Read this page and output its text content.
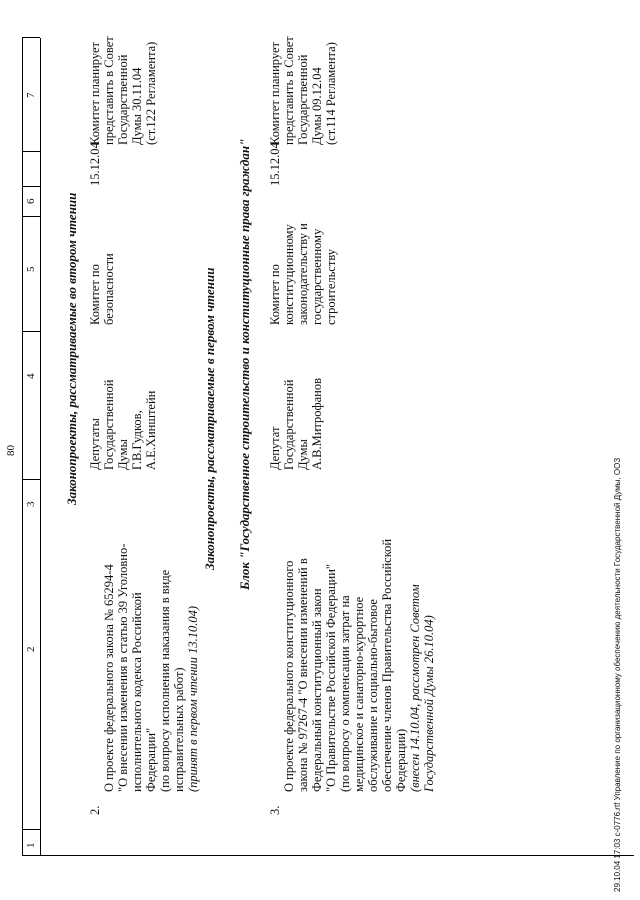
80
1
2
3
4
5
6
7
Законопроекты, рассматриваемые во втором чтении
2.

О проекте федерального закона № 65294-4
"О внесении изменения в статью 39 Уголовно-
исполнительного кодекса Российской
Федерации"
(по вопросу исполнения наказания в виде
исправительных работ) (принят в первом чтении 13.10.04)

Депутаты
Государственной
Думы
Г.В.Гудков,
А.Е.Хинштейн
Комитет по
безопасности
15.12.04
Комитет планирует
представить в Совет
Государственной
Думы 30.11.04
(ст.122 Регламента)
Законопроекты, рассматриваемые в первом чтении Блок "Государственное строительство и конституционные права граждан"
3.

О проекте федерального конституционного
закона № 97267-4 "О внесении изменений в
Федеральный конституционный закон
"О Правительстве Российской Федерации"
(по вопросу о компенсации затрат на
медицинское и санаторно-курортное
обслуживание и социально-бытовое
обеспечение членов Правительства Российской
Федерации) (внесен 14.10.04, рассмотрен Советом
Государственной Думы 26.10.04)

Депутат
Государственной
Думы
А.В.Митрофанов
Комитет по
конституционному
законодательству и
государственному
строительству
15.12.04
Комитет планирует
представить в Совет
Государственной
Думы 09.12.04
(ст.114 Регламента)
29.10.04 17:03 c-0776.rtf Управление по организационному обеспечению деятельности Государственной Думы, ООЗ
